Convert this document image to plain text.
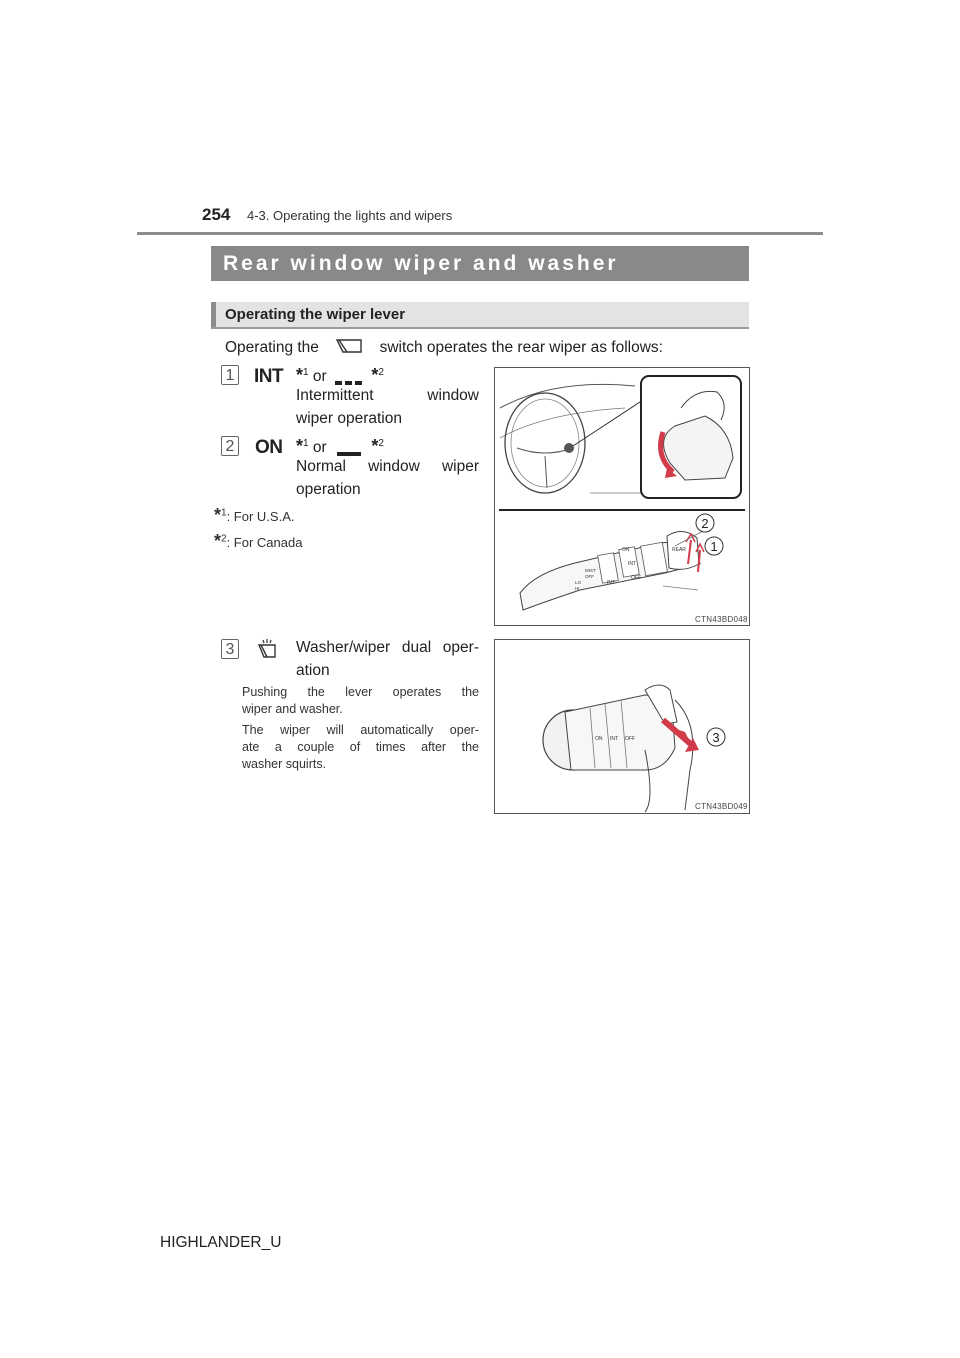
254 4-3. Operating the lights and wipers
Rear window wiper and washer
Operating the wiper lever
Operating the	switch operates the rear wiper as follows:
1 INT *$^1$ or *$^2$
Intermittent window
wiper operation
2 ON *$^1$ or *$^2$
Normal window wiper
operation
*$^1$: For U.S.A.
*$^2$: For Canada
2
1
ON
INT
OFF
REAR
MIST
OFF
INT
LO
HI
CTN43BD048
3	Washer/wiper dual oper-
ation
Pushing the lever operates the
wiper and washer.
The wiper will automatically oper-
ate a couple of times after the
washer squirts.
3
ON INT OFF
CTN43BD049
HIGHLANDER_U
